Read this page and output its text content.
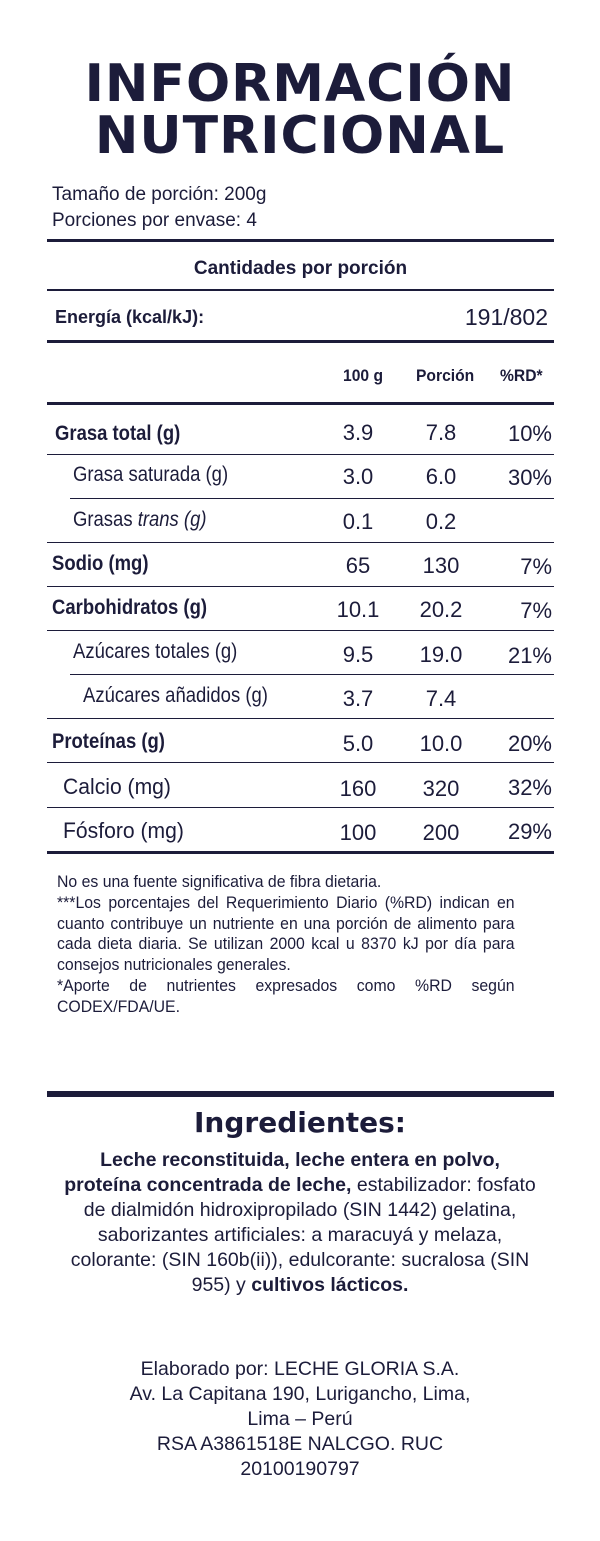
INFORMACIÓN
NUTRICIONAL
Tamaño de porción: 200g
Porciones por envase: 4
Cantidades por porción
Energía (kcal/kJ):	191/802
100 g Porción %RD*
Grasa total (g)	3.9	7.8	10%
Grasa saturada (g)	3.0	6.0	30%
Grasas trans (g)	0.1	0.2
Sodio (mg)	65	130	7%
Carbohidratos (g)	10.1	20.2	7%
Azúcares totales (g)	9.5	19.0	21%
Azúcares añadidos (g)	3.7	7.4
Proteínas (g)	5.0	10.0	20%
Calcio (mg)	160	320	32%
Fósforo (mg)	100	200	29%

No es una fuente significativa de fibra dietaria.

***Los porcentajes del Requerimiento Diario (%RD) indican en cuanto contribuye un nutriente en una porción de alimento para cada dieta diaria. Se utilizan 2000 kcal u 8370 kJ por día para consejos nutricionales generales.

*Aporte de nutrientes expresados como %RD según CODEX/FDA/UE.

Ingredientes:
Leche reconstituida, leche entera en polvo, proteína concentrada de leche, estabilizador: fosfato de dialmidón hidroxipropilado (SIN 1442) gelatina, saborizantes artificiales: a maracuyá y melaza, colorante: (SIN 160b(ii)), edulcorante: sucralosa (SIN 955) y cultivos lácticos.
Elaborado por: LECHE GLORIA S.A.
Av. La Capitana 190, Lurigancho, Lima,
Lima – Perú
RSA A3861518E NALCGO. RUC
20100190797
